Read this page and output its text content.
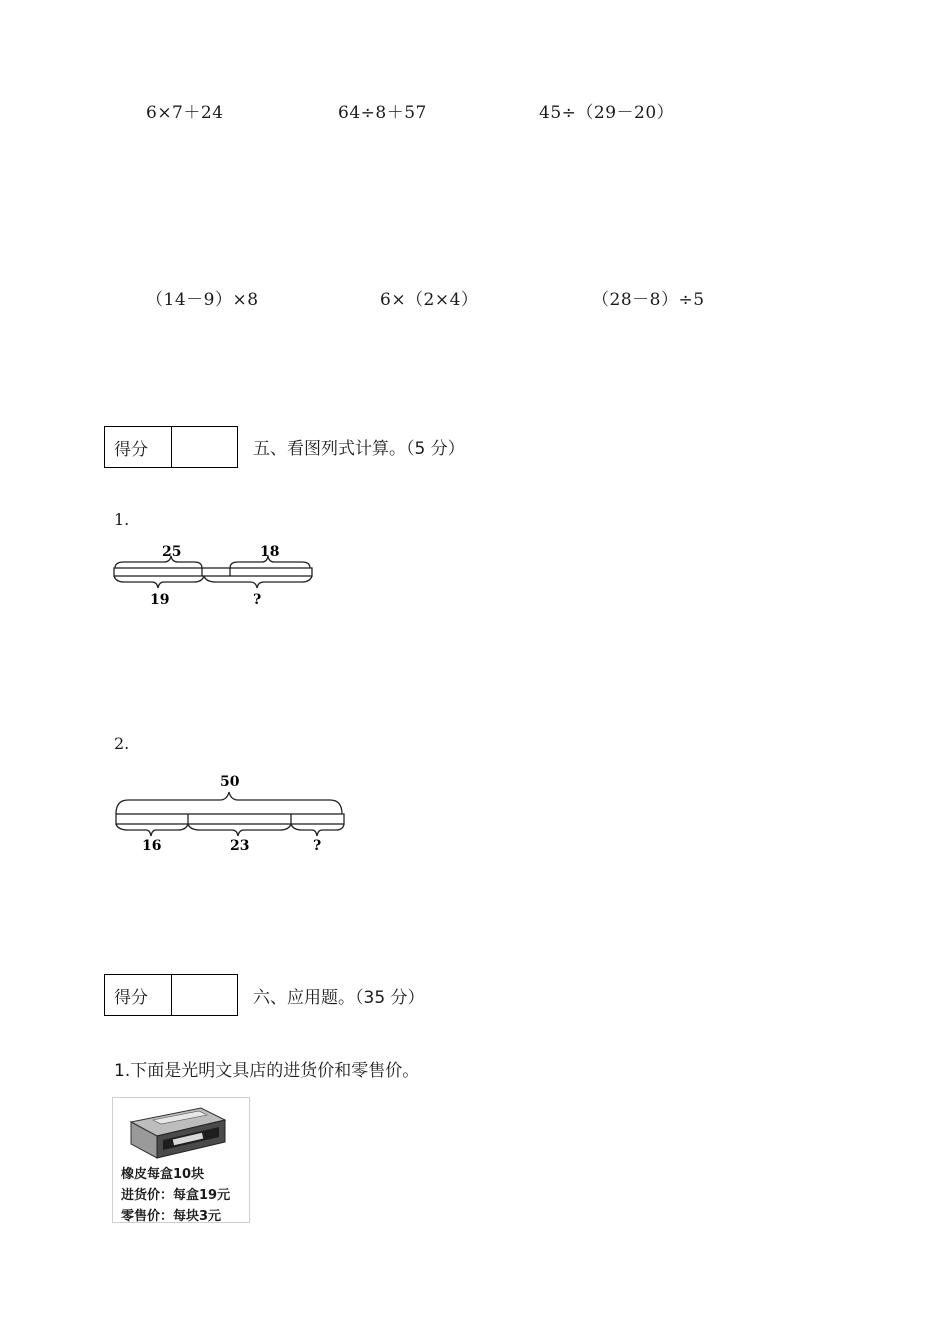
6×7＋24	64÷8＋57	45÷（29－20）
（14－9）×8	6×（2×4）	（28－8）÷5
得分	五、看图列式计算。（5 分）
1.
25	18
19	?
2.
50
16	23	?
得分	六、应用题。（35 分）
1.下面是光明文具店的进货价和零售价。
橡皮每盒10块
进货价：每盒19元
零售价：每块3元
